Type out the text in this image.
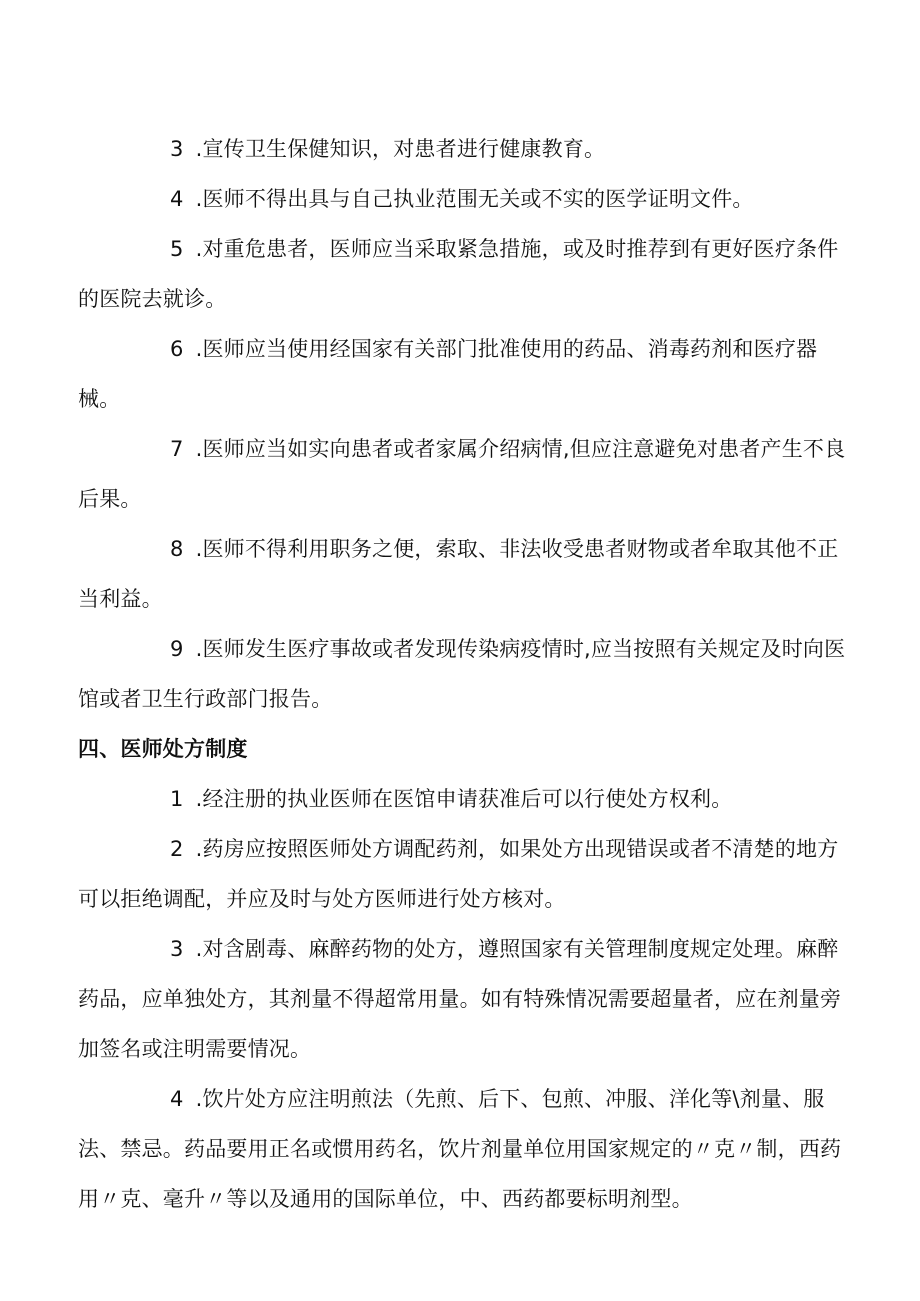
3 .宣传卫生保健知识，对患者进行健康教育。

4 .医师不得出具与自己执业范围无关或不实的医学证明文件。

5 .对重危患者，医师应当采取紧急措施，或及时推荐到有更好医疗条件的医院去就诊。

6 .医师应当使用经国家有关部门批准使用的药品、消毒药剂和医疗器械。

7 .医师应当如实向患者或者家属介绍病情,但应注意避免对患者产生不良后果。

8 .医师不得利用职务之便，索取、非法收受患者财物或者牟取其他不正当利益。

9 .医师发生医疗事故或者发现传染病疫情时,应当按照有关规定及时向医馆或者卫生行政部门报告。

四、医师处方制度

1 .经注册的执业医师在医馆申请获准后可以行使处方权利。

2 .药房应按照医师处方调配药剂，如果处方出现错误或者不清楚的地方可以拒绝调配，并应及时与处方医师进行处方核对。

3 .对含剧毒、麻醉药物的处方，遵照国家有关管理制度规定处理。麻醉药品，应单独处方，其剂量不得超常用量。如有特殊情况需要超量者，应在剂量旁加签名或注明需要情况。

4 .饮片处方应注明煎法（先煎、后下、包煎、冲服、洋化等\剂量、服法、禁忌。药品要用正名或惯用药名，饮片剂量单位用国家规定的〃克〃制，西药用〃克、毫升〃等以及通用的国际单位，中、西药都要标明剂型。
